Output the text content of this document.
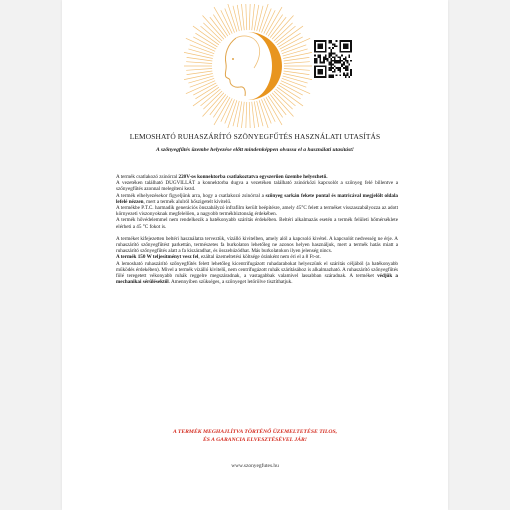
LEMOSHATÓ RUHASZÁRÍTÓ SZÖNYEGFŰTÉS HASZNÁLATI UTASÍTÁS
A szőnyegfűtés üzembe helyezése előtt mindenképpen olvassa el a használati utasítást!

A termék csatlakozó zsinórral 220V-os konnektorba csatlakoztatva egyszerűen üzembe helyezhető.

A vezetéken található DUGVILLÁT a konnektorba dugva a vezetéken található zsinórközi kapcsolót a szőnyeg felé billentve a szőnyegfűtés azonnal melegíteni kezd.

A termék elhelyezésekor figyeljünk arra, hogy a csatlakozó zsinórral a szőnyeg sarkán fekete pontal és matricával megjelölt oldala lefelé nézzen, mert a termék alulról hőszigetelt kivitelű.

A termékbe P.T.C. harmadik generációs önszabályzó infrafilm került beépítésre, amely 45°C felett a terméket visszaszabályozza az adott környezeti viszonyoknak megfelelően, a nagyobb termékbiztonság érdekében.

A termék hővédelemmel nem rendelkezik a hatékonyabb szárítás érdekében. Beltéri alkalmazás esetén a termék felületi hőmérséklete elérheti a 45 °C fokot is.

A terméket kifejezetten beltéri használatra terveztük, vízálló kivitelben, amely alól a kapcsoló kivétel. A kapcsolót nedvesség ne érje. A ruhaszárító szőnyegfűtést parkettán, természetes fa burkolaton lehetőleg ne azonos helyen használjuk, mert a termék hatás miatt a ruhaszárító szőnyegfűtés alatt a fa kiszáradhat, és összehúzódhat. Más burkolatokon ilyen jelenség nincs.

A termék 150 W teljesítményt vesz fel, ezáltal üzemeltetési költsége óránként nem éri el a 8 Ft-ot.

A lemosható ruhaszárító szőnyegfűtés felett lehetőleg kicentrifugázott ruhadarabokat helyezzünk el szárítás céljából (a hatékonyabb működés érdekében). Mivel a termék vízálló kivitelű, nem centrifugázott ruhák szárításához is alkalmazható. A ruhaszárító szőnyegfűtés fölé teregetett vékonyabb ruhák reggelre megszáradnak, a vastagabbak valamivel lassabban száradnak. A terméket védjük a mechanikai sérülésektől. Amennyiben szükséges, a szőnyeget letörölve tisztíthatjuk.

A TERMÉK MEGHAJLÍTVA TÖRTÉNŐ ÜZEMELTETÉSE TILOS,
ÉS A GARANCIA ELVESZTÉSÉVEL JÁR!
www.szonyegfutes.hu
